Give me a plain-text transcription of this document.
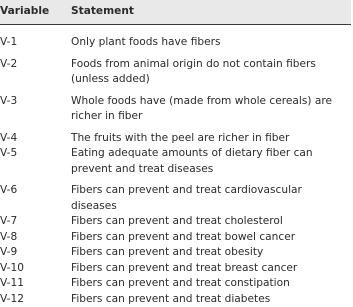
Variable	Statement

V-1	Only plant foods have fibers
V-2	Foods from animal origin do not contain fibers (unless added)
V-3	Whole foods have (made from whole cereals) are richer in fiber
V-4	The fruits with the peel are richer in fiber
V-5	Eating adequate amounts of dietary fiber can prevent and treat diseases
V-6	Fibers can prevent and treat cardiovascular diseases
V-7	Fibers can prevent and treat cholesterol
V-8	Fibers can prevent and treat bowel cancer
V-9	Fibers can prevent and treat obesity
V-10	Fibers can prevent and treat breast cancer
V-11	Fibers can prevent and treat constipation
V-12	Fibers can prevent and treat diabetes
